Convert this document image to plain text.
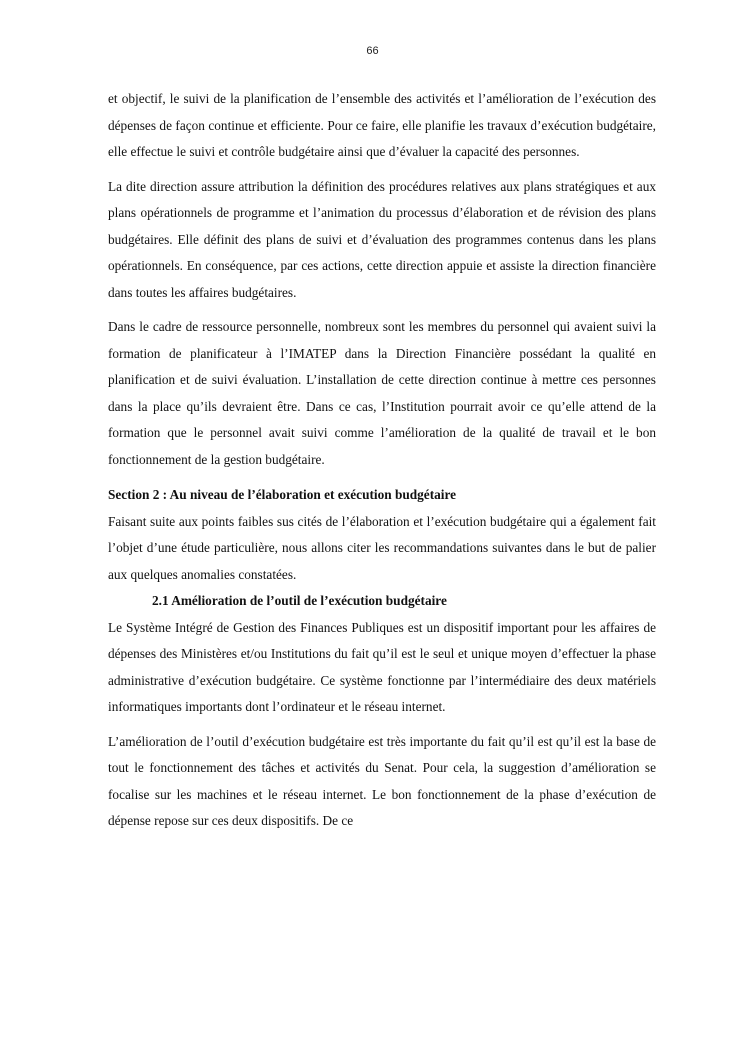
66

et objectif, le suivi de la planification de l’ensemble des activités et l’amélioration de l’exécution des dépenses de façon continue et efficiente. Pour ce faire, elle planifie les travaux d’exécution budgétaire, elle effectue le suivi et contrôle budgétaire ainsi que d’évaluer la capacité des personnes.

La dite direction assure attribution la définition des procédures relatives aux plans stratégiques et aux plans opérationnels de programme et l’animation du processus d’élaboration et de révision des plans budgétaires. Elle définit des plans de suivi et d’évaluation des programmes contenus dans les plans opérationnels. En conséquence, par ces actions, cette direction appuie et assiste la direction financière dans toutes les affaires budgétaires.

Dans le cadre de ressource personnelle, nombreux sont les membres du personnel qui avaient suivi la formation de planificateur à l’IMATEP dans la Direction Financière possédant la qualité en planification et de suivi évaluation. L’installation de cette direction continue à mettre ces personnes dans la place qu’ils devraient être. Dans ce cas, l’Institution pourrait avoir ce qu’elle attend de la formation que le personnel avait suivi comme l’amélioration de la qualité de travail et le bon fonctionnement de la gestion budgétaire.

Section 2 : Au niveau de l’élaboration et exécution budgétaire

Faisant suite aux points faibles sus cités de l’élaboration et l’exécution budgétaire qui a également fait l’objet d’une étude particulière, nous allons citer les recommandations suivantes dans le but de palier aux quelques anomalies constatées.

2.1 Amélioration de l’outil de l’exécution budgétaire

Le Système Intégré de Gestion des Finances Publiques est un dispositif important pour les affaires de dépenses des Ministères et/ou Institutions du fait qu’il est le seul et unique moyen d’effectuer la phase administrative d’exécution budgétaire. Ce système fonctionne par l’intermédiaire des deux matériels informatiques importants dont l’ordinateur et le réseau internet.

L’amélioration de l’outil d’exécution budgétaire est très importante du fait qu’il est qu’il est la base de tout le fonctionnement des tâches et activités du Senat. Pour cela, la suggestion d’amélioration se focalise sur les machines et le réseau internet. Le bon fonctionnement de la phase d’exécution de dépense repose sur ces deux dispositifs. De ce
